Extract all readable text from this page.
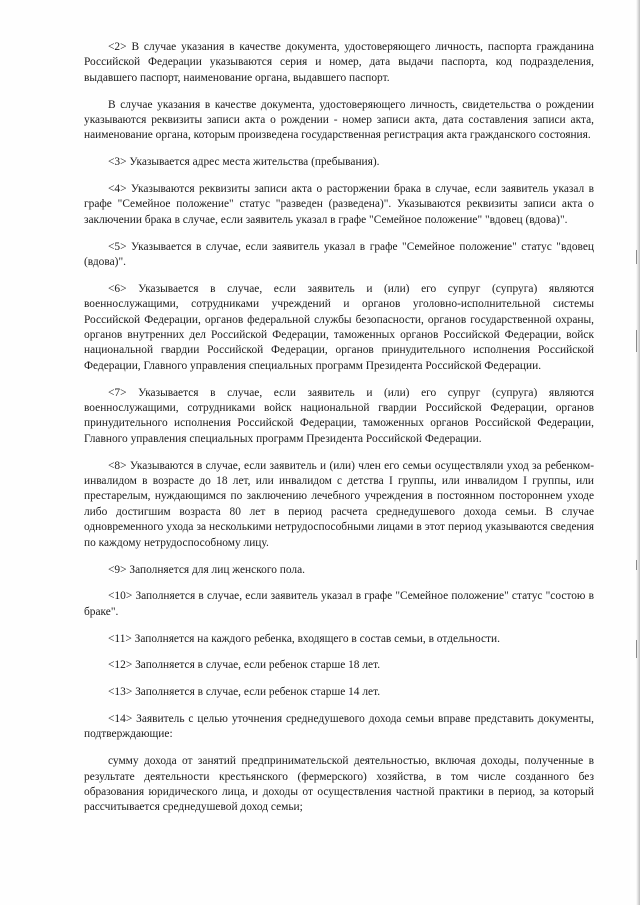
<2> В случае указания в качестве документа, удостоверяющего личность, паспорта гражданина Российской Федерации указываются серия и номер, дата выдачи паспорта, код подразделения, выдавшего паспорт, наименование органа, выдавшего паспорт.

В случае указания в качестве документа, удостоверяющего личность, свидетельства о рождении указываются реквизиты записи акта о рождении - номер записи акта, дата составления записи акта, наименование органа, которым произведена государственная регистрация акта гражданского состояния.

<3> Указывается адрес места жительства (пребывания).

<4> Указываются реквизиты записи акта о расторжении брака в случае, если заявитель указал в графе "Семейное положение" статус "разведен (разведена)". Указываются реквизиты записи акта о заключении брака в случае, если заявитель указал в графе "Семейное положение" "вдовец (вдова)".

<5> Указывается в случае, если заявитель указал в графе "Семейное положение" статус "вдовец (вдова)".

<6> Указывается в случае, если заявитель и (или) его супруг (супруга) являются военнослужащими, сотрудниками учреждений и органов уголовно-исполнительной системы Российской Федерации, органов федеральной службы безопасности, органов государственной охраны, органов внутренних дел Российской Федерации, таможенных органов Российской Федерации, войск национальной гвардии Российской Федерации, органов принудительного исполнения Российской Федерации, Главного управления специальных программ Президента Российской Федерации.

<7> Указывается в случае, если заявитель и (или) его супруг (супруга) являются военнослужащими, сотрудниками войск национальной гвардии Российской Федерации, органов принудительного исполнения Российской Федерации, таможенных органов Российской Федерации, Главного управления специальных программ Президента Российской Федерации.

<8> Указываются в случае, если заявитель и (или) член его семьи осуществляли уход за ребенком-инвалидом в возрасте до 18 лет, или инвалидом с детства I группы, или инвалидом I группы, или престарелым, нуждающимся по заключению лечебного учреждения в постоянном постороннем уходе либо достигшим возраста 80 лет в период расчета среднедушевого дохода семьи. В случае одновременного ухода за несколькими нетрудоспособными лицами в этот период указываются сведения по каждому нетрудоспособному лицу.

<9> Заполняется для лиц женского пола.

<10> Заполняется в случае, если заявитель указал в графе "Семейное положение" статус "состою в браке".

<11> Заполняется на каждого ребенка, входящего в состав семьи, в отдельности.

<12> Заполняется в случае, если ребенок старше 18 лет.

<13> Заполняется в случае, если ребенок старше 14 лет.

<14> Заявитель с целью уточнения среднедушевого дохода семьи вправе представить документы, подтверждающие:

сумму дохода от занятий предпринимательской деятельностью, включая доходы, полученные в результате деятельности крестьянского (фермерского) хозяйства, в том числе созданного без образования юридического лица, и доходы от осуществления частной практики в период, за который рассчитывается среднедушевой доход семьи;
